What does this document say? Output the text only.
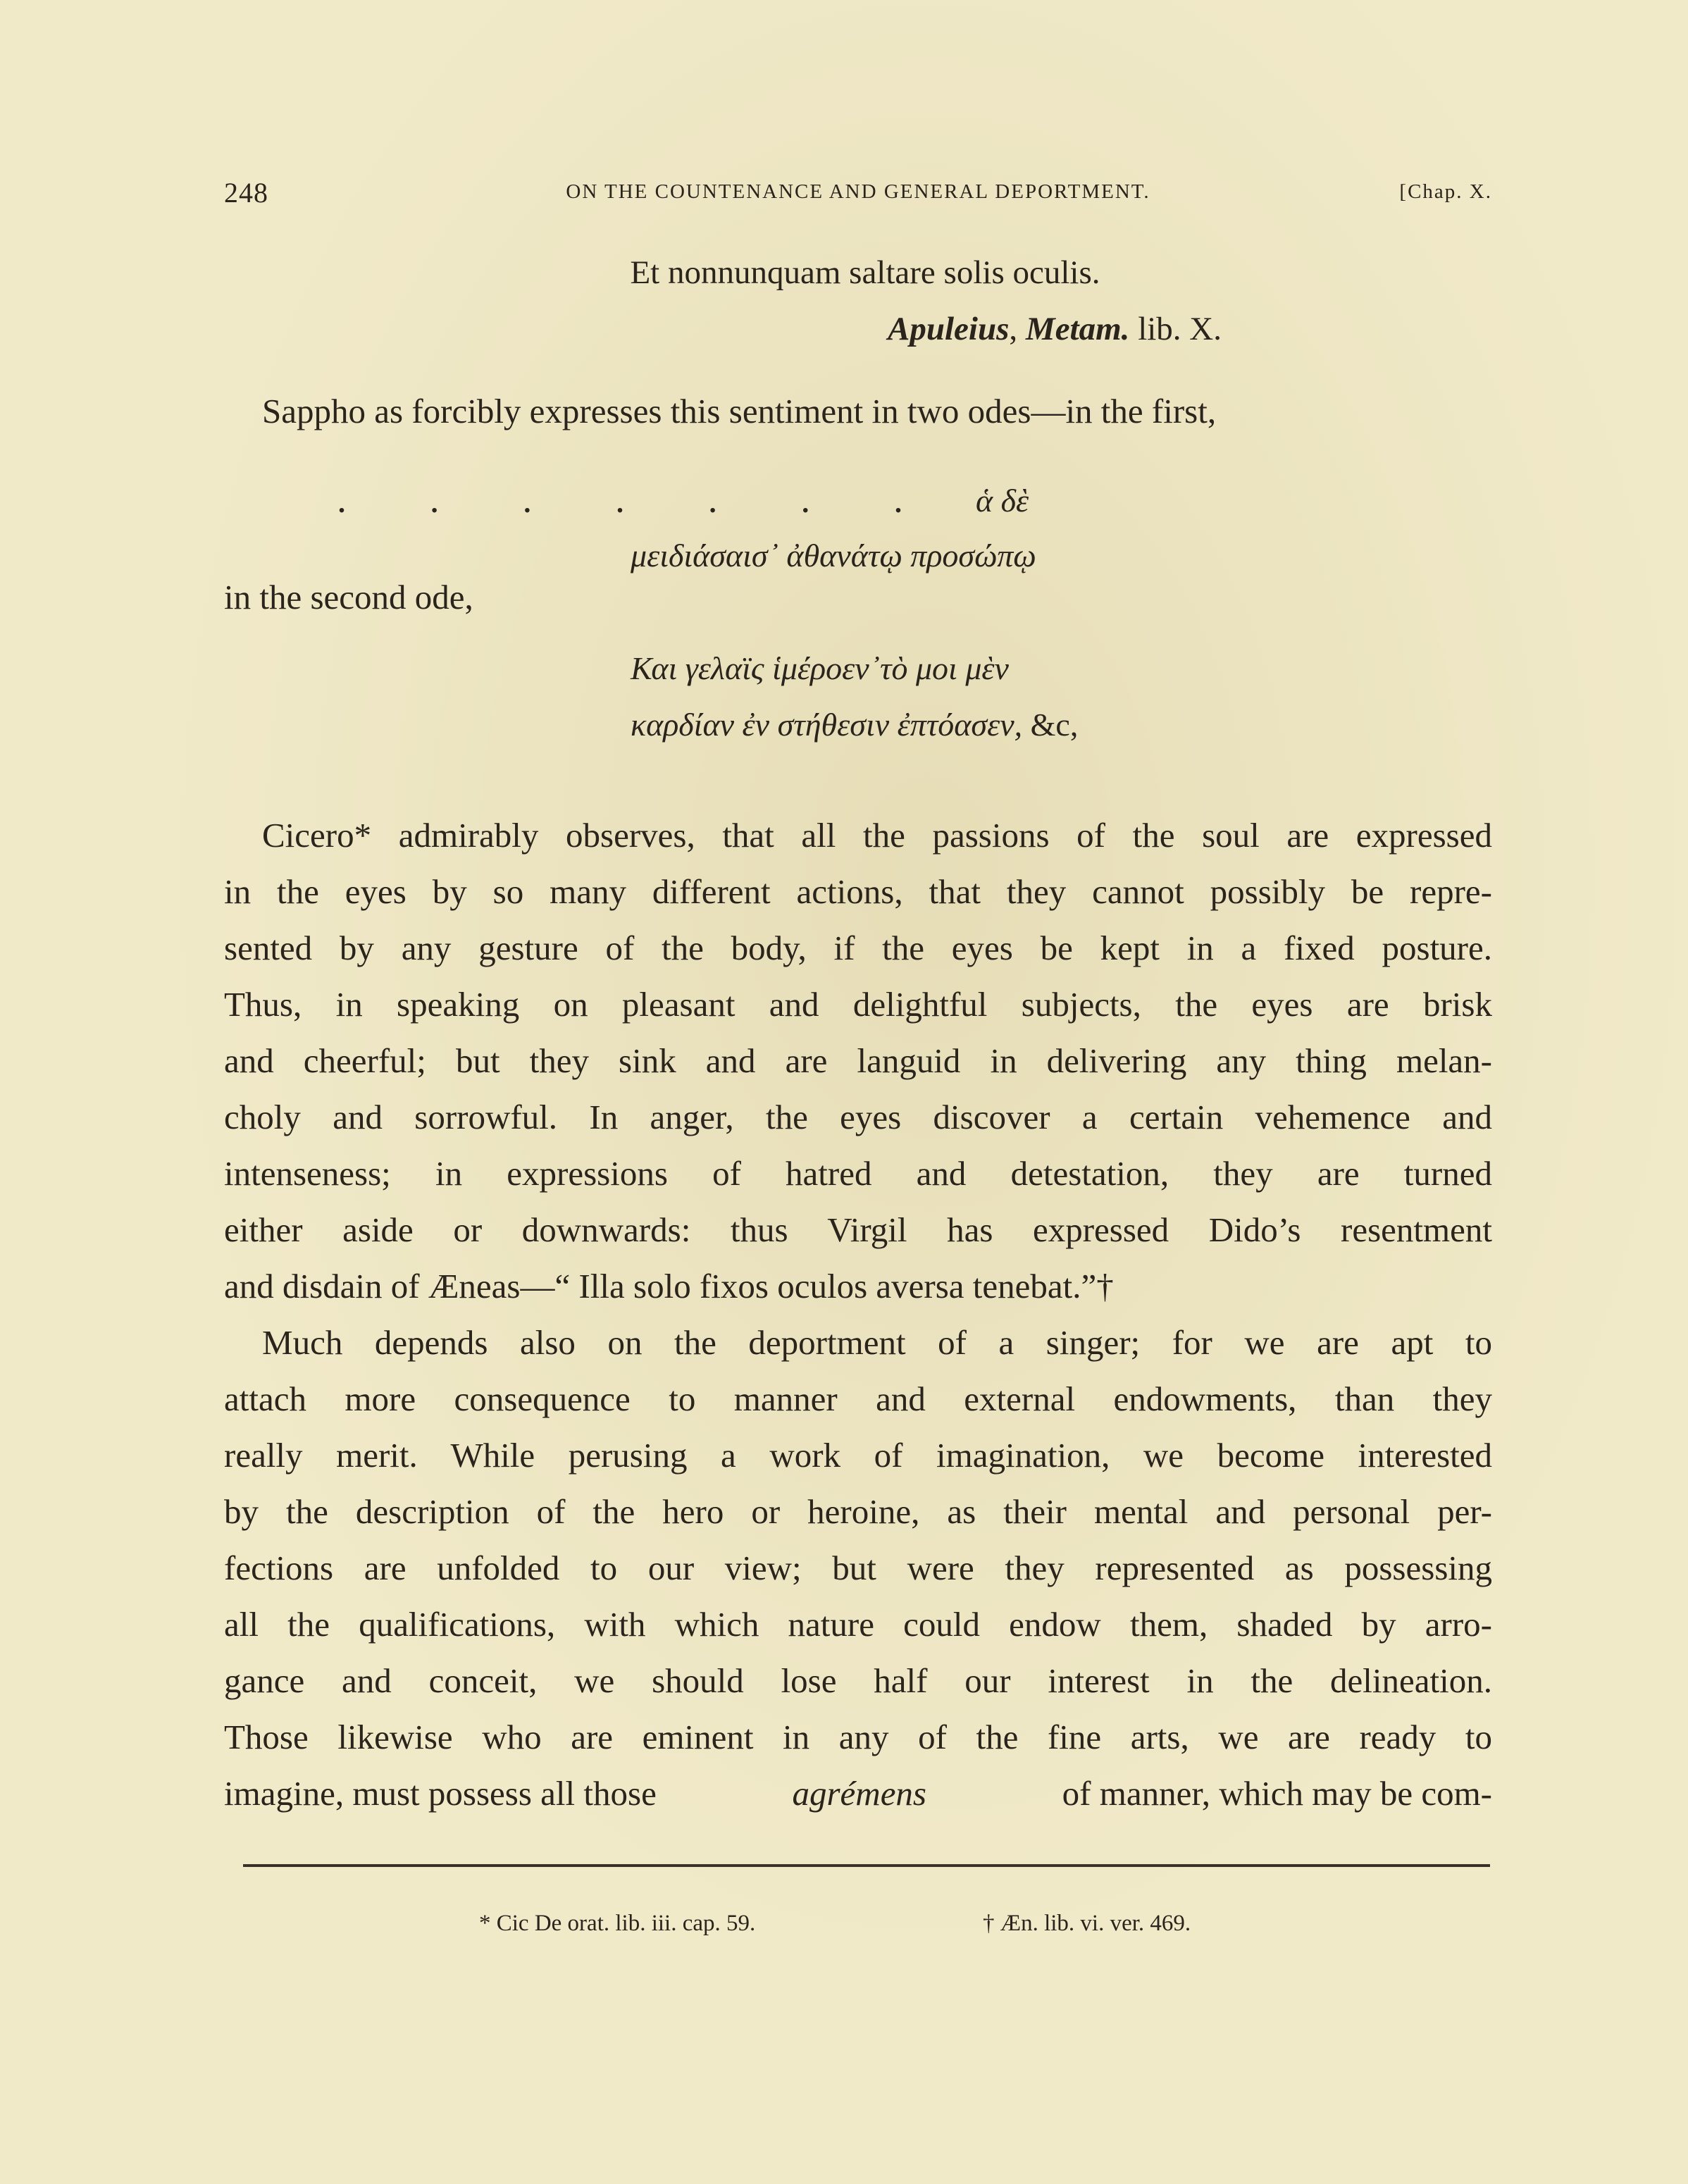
248	ON THE COUNTENANCE AND GENERAL DEPORTMENT.	[Chap. X.
Et nonnunquam saltare solis oculis.
Apuleius, Metam. lib. X.
Sappho as forcibly expresses this sentiment in two odes—in the first,
.	.	.	.	.	.	. ἁ δὲ
μειδιάσαισ᾽ ἀθανάτῳ προσώπῳ
in the second ode,
Και γελαϊς ἱμέροεν᾽τὸ μοι μὲν
καρδίαν ἐν στήθεσιν ἐπτόασεν, &c,
Cicero* admirably observes, that all the passions of the soul are expressed
in the eyes by so many different actions, that they cannot possibly be repre-
sented by any gesture of the body, if the eyes be kept in a fixed posture.
Thus, in speaking on pleasant and delightful subjects, the eyes are brisk
and cheerful; but they sink and are languid in delivering any thing melan-
choly and sorrowful. In anger, the eyes discover a certain vehemence and
intenseness; in expressions of hatred and detestation, they are turned
either aside or downwards: thus Virgil has expressed Dido’s resentment
and disdain of Æneas—“ Illa solo fixos oculos aversa tenebat.”†
Much depends also on the deportment of a singer; for we are apt to
attach more consequence to manner and external endowments, than they
really merit. While perusing a work of imagination, we become interested
by the description of the hero or heroine, as their mental and personal per-
fections are unfolded to our view; but were they represented as possessing
all the qualifications, with which nature could endow them, shaded by arro-
gance and conceit, we should lose half our interest in the delineation.
Those likewise who are eminent in any of the fine arts, we are ready to
imagine, must possess all those	agrémens	of manner, which may be com-
* Cic De orat. lib. iii. cap. 59.	† Æn. lib. vi. ver. 469.
